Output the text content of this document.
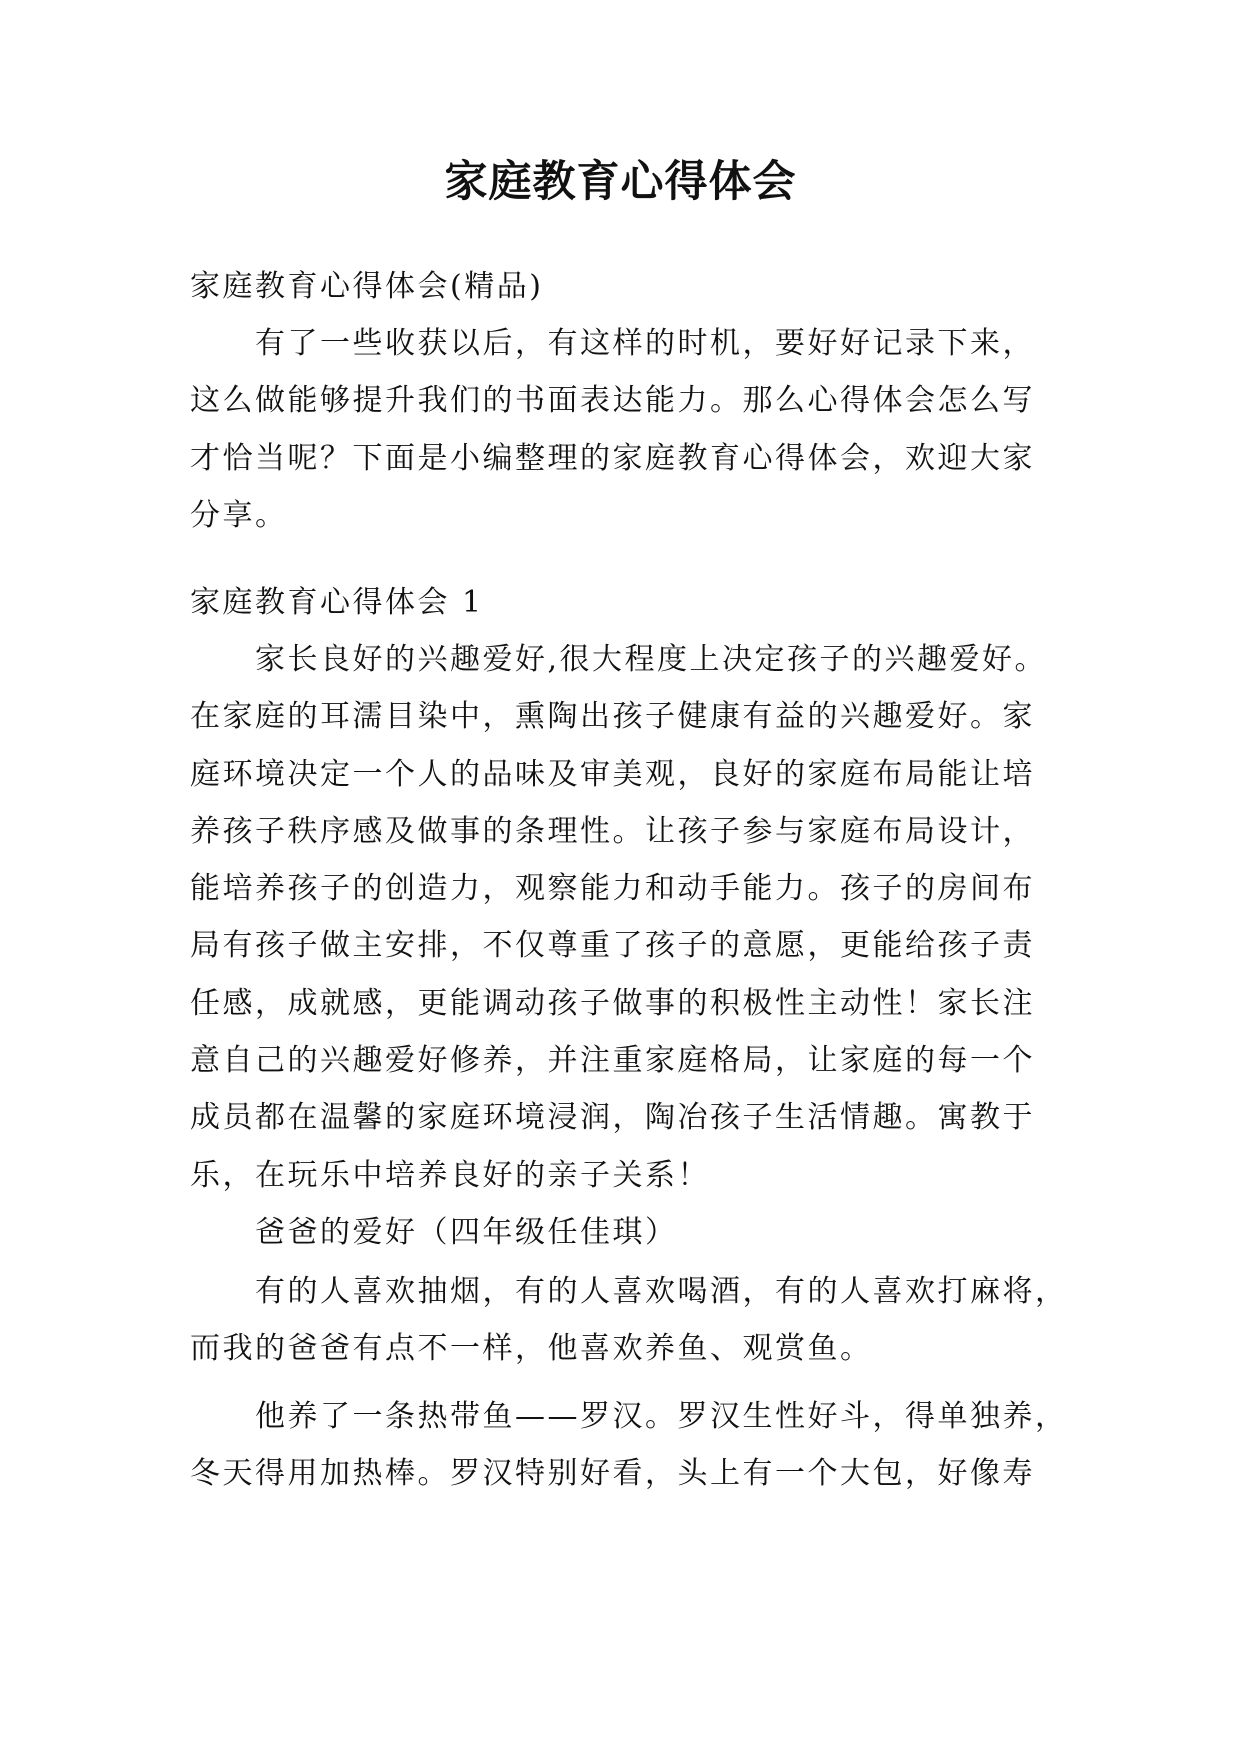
家庭教育心得体会
家庭教育心得体会(精品)
有了一些收获以后，有这样的时机，要好好记录下来，
这么做能够提升我们的书面表达能力。那么心得体会怎么写
才恰当呢？下面是小编整理的家庭教育心得体会，欢迎大家
分享。
家庭教育心得体会 1
家长良好的兴趣爱好,很大程度上决定孩子的兴趣爱好。
在家庭的耳濡目染中，熏陶出孩子健康有益的兴趣爱好。家
庭环境决定一个人的品味及审美观，良好的家庭布局能让培
养孩子秩序感及做事的条理性。让孩子参与家庭布局设计，
能培养孩子的创造力，观察能力和动手能力。孩子的房间布
局有孩子做主安排，不仅尊重了孩子的意愿，更能给孩子责
任感，成就感，更能调动孩子做事的积极性主动性！家长注
意自己的兴趣爱好修养，并注重家庭格局，让家庭的每一个
成员都在温馨的家庭环境浸润，陶冶孩子生活情趣。寓教于
乐，在玩乐中培养良好的亲子关系！
爸爸的爱好（四年级任佳琪）
有的人喜欢抽烟，有的人喜欢喝酒，有的人喜欢打麻将，
而我的爸爸有点不一样，他喜欢养鱼、观赏鱼。
他养了一条热带鱼——罗汉。罗汉生性好斗，得单独养，
冬天得用加热棒。罗汉特别好看，头上有一个大包，好像寿
